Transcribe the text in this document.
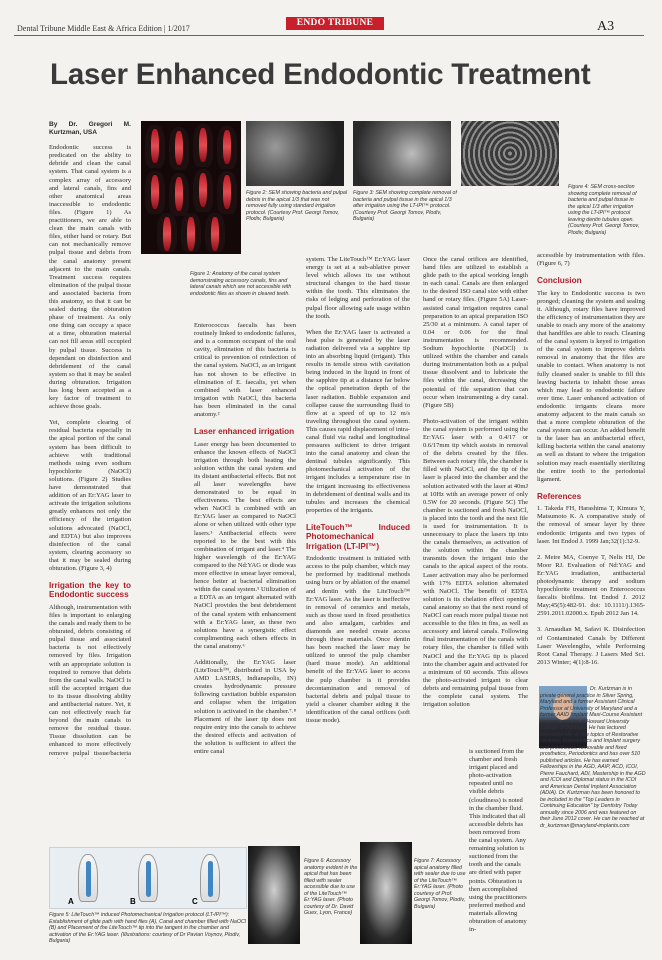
Dental Tribune Middle East & Africa Edition | 1/2017
ENDO TRIBUNE	A3
Laser Enhanced Endodontic Treatment

By Dr. Gregori M. Kurtzman, USA

Endodontic success is predicated on the ability to debride and clean the canal system. That canal system is a complex array of accessory and lateral canals, fins and other anatomical areas inaccessible to endodontic files. (Figure 1) As practitioners, we are able to clean the main canals with files, either hand or rotary. But can not mechanically remove pulpal tissue and debris from the canal anatomy present adjacent to the main canals. Treatment success requires elimination of the pulpal tissue and associated bacteria from this anatomy, so that it can be sealed during the obturation phase of treatment. As only one thing can occupy a space at a time, obturation material can not fill areas still occupied by pulpal tissue. Success is dependant on disinfection and debridement of the canal system so that it may be sealed during obturation. Irrigation has long been accepted as a key factor of treatment to achieve those goals.

Yet, complete clearing of residual bacteria especially in the apical portion of the canal system has been difficult to achieve with traditional methods using even sodium hypochlorite (NaOCl) solutions. (Figure 2) Studies have demonstrated that addition of an Er:YAG laser to activate the irrigation solutions greatly enhances not only the efficiency of the irrigation solutions advocated (NaOCl, and EDTA) but also improves disinfection of the canal system, clearing accessory so that it may be sealed during obturation. (Figure 3, 4)

Irrigation the key to Endodontic success

Although, instrumentation with files is important to enlarging the canals and ready them to be obturated, debris consisting of pulpal tissue and associated bacteria is not effectively removed by files. Irrigation with an appropriate solution is required to remove that debris from the canal walls. NaOCl is still the accepted irrigant due to its tissue dissolving ability and antibacterial nature. Yet, it can not effectively reach far beyond the main canals to remove the residual tissue. Tissue dissolution can be enhanced to more effectively remove pulpal tissue/bacteria

Figure 1: Anatomy of the canal system demonstrating accessory canals, fins and lateral canals which are not accessible with endodontic files as shown in cleared teeth.
Figure 2: SEM showing bacteria and pulpal debris in the apical 1/3 that was not removed fully using standard irrigation protocol. (Courtesy Prof. Georgi Tomov, Plodiv, Bulgaria)
Figure 3: SEM showing complete removal of bacteria and pulpal tissue in the apical 1/3 after irrigation using the LT-IPI™ protocol. (Courtesy Prof. Georgi Tomov, Plodiv, Bulgaria)
Figure 4: SEM cross-section showing complete removal of bacteria and pulpal tissue in the apical 1/3 after irrigation using the LT-IPI™ protocol leaving dentin tubules open. (Courtesy Prof. Georgi Tomov, Plodiv, Bulgaria)

Enterococcus faecalis has been routinely linked to endodontic failures, and is a common occupant of the oral cavity, elimination of this bacteria is critical to prevention of reinfection of the canal system. NaOCl, as an irrigant has not shown to be effective in elimination of E. faecalis, yet when combined with laser enhanced irrigation with NaOCl, this bacteria has been eliminated in the canal anatomy.²

Laser enhanced irrigation

Laser energy has been documented to enhance the known effects of NaOCl irrigation through both heating the solution within the canal system and its distant antibacterial effects. But not all laser wavelengths have demonstrated to be equal in effectiveness. The best effects are when NaOCl is combined with an Er:YAG laser as compared to NaOCl alone or when utilized with other type lasers.³ Antibacterial effects were reported to be the best with this combination of irrigant and laser.⁴ The higher wavelength of the Er:YAG compared to the Nd:YAG or diode was more effective in smear layer removal, hence better at bacterial elimination within the canal system.⁵ Utilization of a EDTA as an irrigant alternated with NaOCl provides the best debridement of the canal system with enhancement with a Er:YAG laser, as these two solutions have a synergistic effect complimenting each others effects in the canal anatomy.⁶

Additionally, the Er:YAG laser (LiteTouch™, distributed in USA by AMD LASERS, Indianapolis, IN) creates hydrodynamic pressure following cavitation bubble expansion and collapse when the irrigation solution is activated in the chamber.⁷˒⁸ Placement of the laser tip does not require entry into the canals to achieve the desired effects and activation of the solution is sufficient to affect the entire canal

system. The LiteTouch™ Er:YAG laser energy is set at a sub-ablative power level which allows its use without structural changes to the hard tissue within the tooth. This eliminates the risks of ledging and perforation of the pulpal floor allowing safe usage within the tooth.

When the Er:YAG laser is activated a heat pulse is generated by the laser radiation delivered via a sapphire tip into an absorbing liquid (irrigant). This results in tensile stress with cavitation being induced in the liquid in front of the sapphire tip at a distance far below the optical penetration depth of the laser radiation. Bubble expansion and collapse cause the surrounding fluid to flow at a speed of up to 12 m/s traveling throughout the canal system. This causes rapid displacement of intra-canal fluid via radial and longitudinal pressures sufficient to drive irrigant into the canal anatomy and clean the dentinal tubules significantly. This photomechanical activation of the irrigant includes a temperature rise in the irrigant increasing its effectiveness in debridement of dentinal walls and its tubules and increases the chemical properties of the irrigants.

LiteTouch™ Induced Photomechanical Irrigation (LT-IPI™)

Endodontic treatment is initiated with access to the pulp chamber, which may be preformed by traditional methods using burs or by ablation of the enamel and dentin with the LiteTouch™ Er:YAG laser. As the laser is ineffective in removal of ceramics and metals, such as those used in fixed prosthetics and also amalgam, carbides and diamonds are needed create access through these materials. Once dentin has been reached the laser may be utilized to unroof the pulp chamber (hard tissue mode). An additional benefit of the Er:YAG laser to access the pulp chamber is it provides decontamination and removal of bacterial debris and pulpal tissue to yield a cleaner chamber aiding it the identification of the canal orifices (soft tissue mode).

Once the canal orifices are identified, hand files are utilized to establish a glide path to the apical working length in each canal. Canals are then enlarged to the desired ISO canal size with either hand or rotary files. (Figure 5A) Laser-assisted canal irrigation requires canal preparation to an apical preparation ISO 25/30 at a minimum. A canal taper of 0.04 or 0.06 for the final instrumentation is recommended. Sodium hypochlorite (NaOCl) is utilized within the chamber and canals during instrumentation both as a pulpal tissue dissolvent and to lubricate the files within the canal, decreasing the potential of file separation that can occur when instrumenting a dry canal. (Figure 5B)

Photo-activation of the irrigant within the canal system is performed using the Er:YAG laser with a 0.4/17 or 0.6/17mm tip which assists in removal of the debris created by the files. Between each rotary file, the chamber is filled with NaOCl, and the tip of the laser is placed into the chamber and the solution activated with the laser at 40mJ at 10Hz with an average power of only 0.5W for 20 seconds. (Figure 5C) The chamber is suctioned and fresh NaOCl, is placed into the tooth and the next file is used for instrumentation. It is unnecessary to place the lasers tip into the canals themselves, as activation of the solution within the chamber transmits down the irrigant into the canals to the apical aspect of the roots. Laser activation may also be performed with 17% EDTA solution alternated with NaOCl. The benefit of EDTA solution is its chelation effect opening canal anatomy so that the next round of NaOCl can reach more pulpal tissue not accessible to the files in fins, as well as accessory and lateral canals. Following final instrumentation of the canals with rotary files, the chamber is filled with NaOCl and the Er:YAG tip is placed into the chamber again and activated for a minimum of 60 seconds. This allows the photo-activated irrigant to clear debris and remaining pulpal tissue from the complete canal system. The irrigation solution

is suctioned from the chamber and fresh irrigant placed and photo-activation repeated until no visible debris (cloudiness) is noted in the chamber fluid. This indicated that all accessible debris has been removed from the canal system. Any remaining solution is suctioned from the tooth and the canals are dried with paper points. Obturation is then accomplished using the practitioners preferred method and materials allowing obturation of anatomy in-

accessible by instrumentation with files. (Figure 6, 7)

Conclusion

The key to Endodontic success is two pronged; cleaning the system and sealing it. Although, rotary files have improved the efficiency of instrumentation they are unable to reach any more of the anatomy that handfiles are able to reach. Cleaning of the canal system is keyed to irrigation of the canal system to improve debris removal in anatomy that the files are unable to contact. When anatomy is not fully cleaned sealer is unable to fill this leaving bacteria to inhabit those areas which may lead to endodontic failure over time. Laser enhanced activation of endodontic irrigants cleans more anatomy adjacent to the main canals so that a more complete obturation of the canal system can occur. An added benefit is the laser has an antibacterial effect, killing bacteria within the canal anatomy as well as distant to where the irrigation solution may reach essentially sterilizing the entire tooth to the periodontal ligament.

References

1. Takeda FH, Harashima T, Kimura Y, Matsumoto K. A comparative study of the removal of smear layer by three endodontic irrigants and two types of laser. Int Endod J. 1999 Jan;32(1):32-9.

2. Meire MA, Coenye T, Nelis HJ, De Moor RJ. Evaluation of Nd:YAG and Er:YAG irradiation, antibacterial photodynamic therapy and sodium hypochlorite treatment on Enterococcus faecalis biofilms. Int Endod J. 2012 May;45(5):482-91. doi: 10.1111/j.1365-2591.2011.02000.x. Epub 2012 Jan 14.

3. Arnaudian M, Safavi K. Disinfection of Contaminated Canals by Different Laser Wavelengths, while Performing Root Canal Therapy. J Lasers Med Sci. 2013 Winter; 4(1):8-16.

Dr. Kurtzman is in private general practice in Silver Spring, Maryland and a former Assistant Clinical Professor at University of Maryland and a former AAID Implant Maxi-Course Assistant program director at Howard University College of Dentistry. He has lectured internationally on the topics of Restorative dentistry, Endodontics and Implant surgery and prosthetics, removable and fixed prosthetics, Periodontics and has over 510 published articles. He has earned Fellowships in the AGD, AAIP, ACD, ICOI, Pierre Fauchard, ADI, Mastership in the AGD and ICOI and Diplomat status in the ICOI and American Dental Implant Association (ADIA). Dr. Kurtzman has been honored to be included in the "Top Leaders in Continuing Education" by Dentistry Today annually since 2006 and was featured on their June 2012 cover. He can be reached at dr_kurtzman@maryland-implants.com
A	B	C
Figure 5: LiteTouch™ induced Photomechanical Irrigation protocol (LT-IPI™): Establishment of glide path with hand files (A), Canal and chamber filled with NaOCl (B) and Placement of the LiteTouch™ tip into the tangent in the chamber and activation of the Er:YAG laser. (Illustrations: courtesy of Dr Pavian Voynov, Plodiv, Bulgaria)
Figure 6: Accessory anatomy evident in the apical that has been filled with sealer accessible due to use of the LiteTouch™ Er:YAG laser. (Photo courtesy of Dr. David Guex, Lyon, France)
Figure 7: Accessory apical anatomy filled with sealer due to use of the LiteTouch™ Er:YAG laser. (Photo courtesy of Prof. Georgi Tomov, Plodiv, Bulgaria)
